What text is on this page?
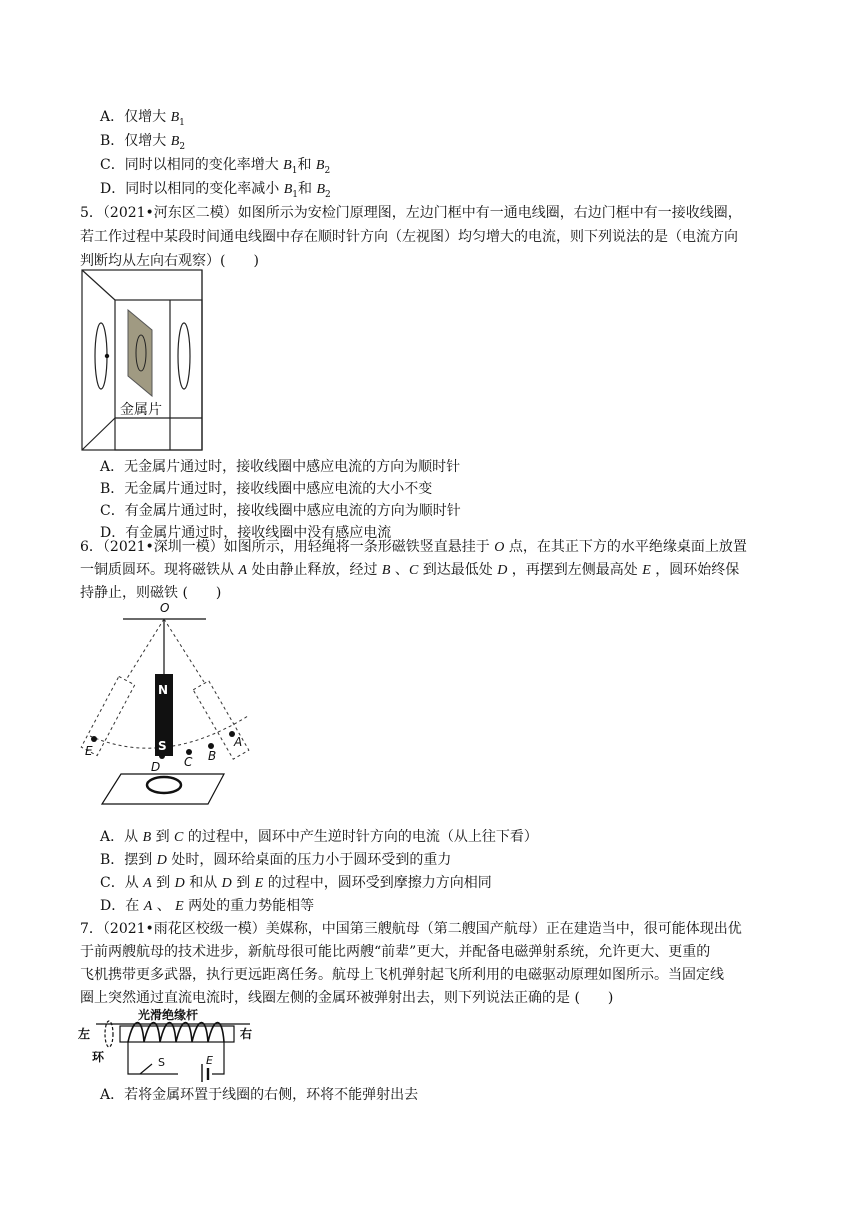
A．仅增大 $B_1$
B．仅增大 $B_2$
C．同时以相同的变化率增大 $B_1$和 $B_2$
D．同时以相同的变化率减小 $B_1$和 $B_2$
5．（2021•河东区二模）如图所示为安检门原理图，左边门框中有一通电线圈，右边门框中有一接收线圈，
若工作过程中某段时间通电线圈中存在顺时针方向（左视图）均匀增大的电流，则下列说法的是（电流方向
判断均从左向右观察）(　　)
金属片
A．无金属片通过时，接收线圈中感应电流的方向为顺时针
B．无金属片通过时，接收线圈中感应电流的大小不变
C．有金属片通过时，接收线圈中感应电流的方向为顺时针
D．有金属片通过时，接收线圈中没有感应电流
6．（2021•深圳一模）如图所示，用轻绳将一条形磁铁竖直悬挂于 O 点，在其正下方的水平绝缘桌面上放置
一铜质圆环。现将磁铁从 A 处由静止释放，经过 B 、C 到达最低处 D ，再摆到左侧最高处 E ，圆环始终保
持静止，则磁铁 (　　)
O
N
S
E
D C B
A
A．从 B 到 C 的过程中，圆环中产生逆时针方向的电流（从上往下看）
B．摆到 D 处时，圆环给桌面的压力小于圆环受到的重力
C．从 A 到 D 和从 D 到 E 的过程中，圆环受到摩擦力方向相同
D．在 A 、 E 两处的重力势能相等
7．（2021•雨花区校级一模）美媒称，中国第三艘航母（第二艘国产航母）正在建造当中，很可能体现出优
于前两艘航母的技术进步，新航母很可能比两艘“前辈”更大，并配备电磁弹射系统，允许更大、更重的
飞机携带更多武器，执行更远距离任务。航母上飞机弹射起飞所利用的电磁驱动原理如图所示。当固定线
圈上突然通过直流电流时，线圈左侧的金属环被弹射出去，则下列说法正确的是 (　　)
光滑绝缘杆
左	右
环	S	E
A．若将金属环置于线圈的右侧，环将不能弹射出去
